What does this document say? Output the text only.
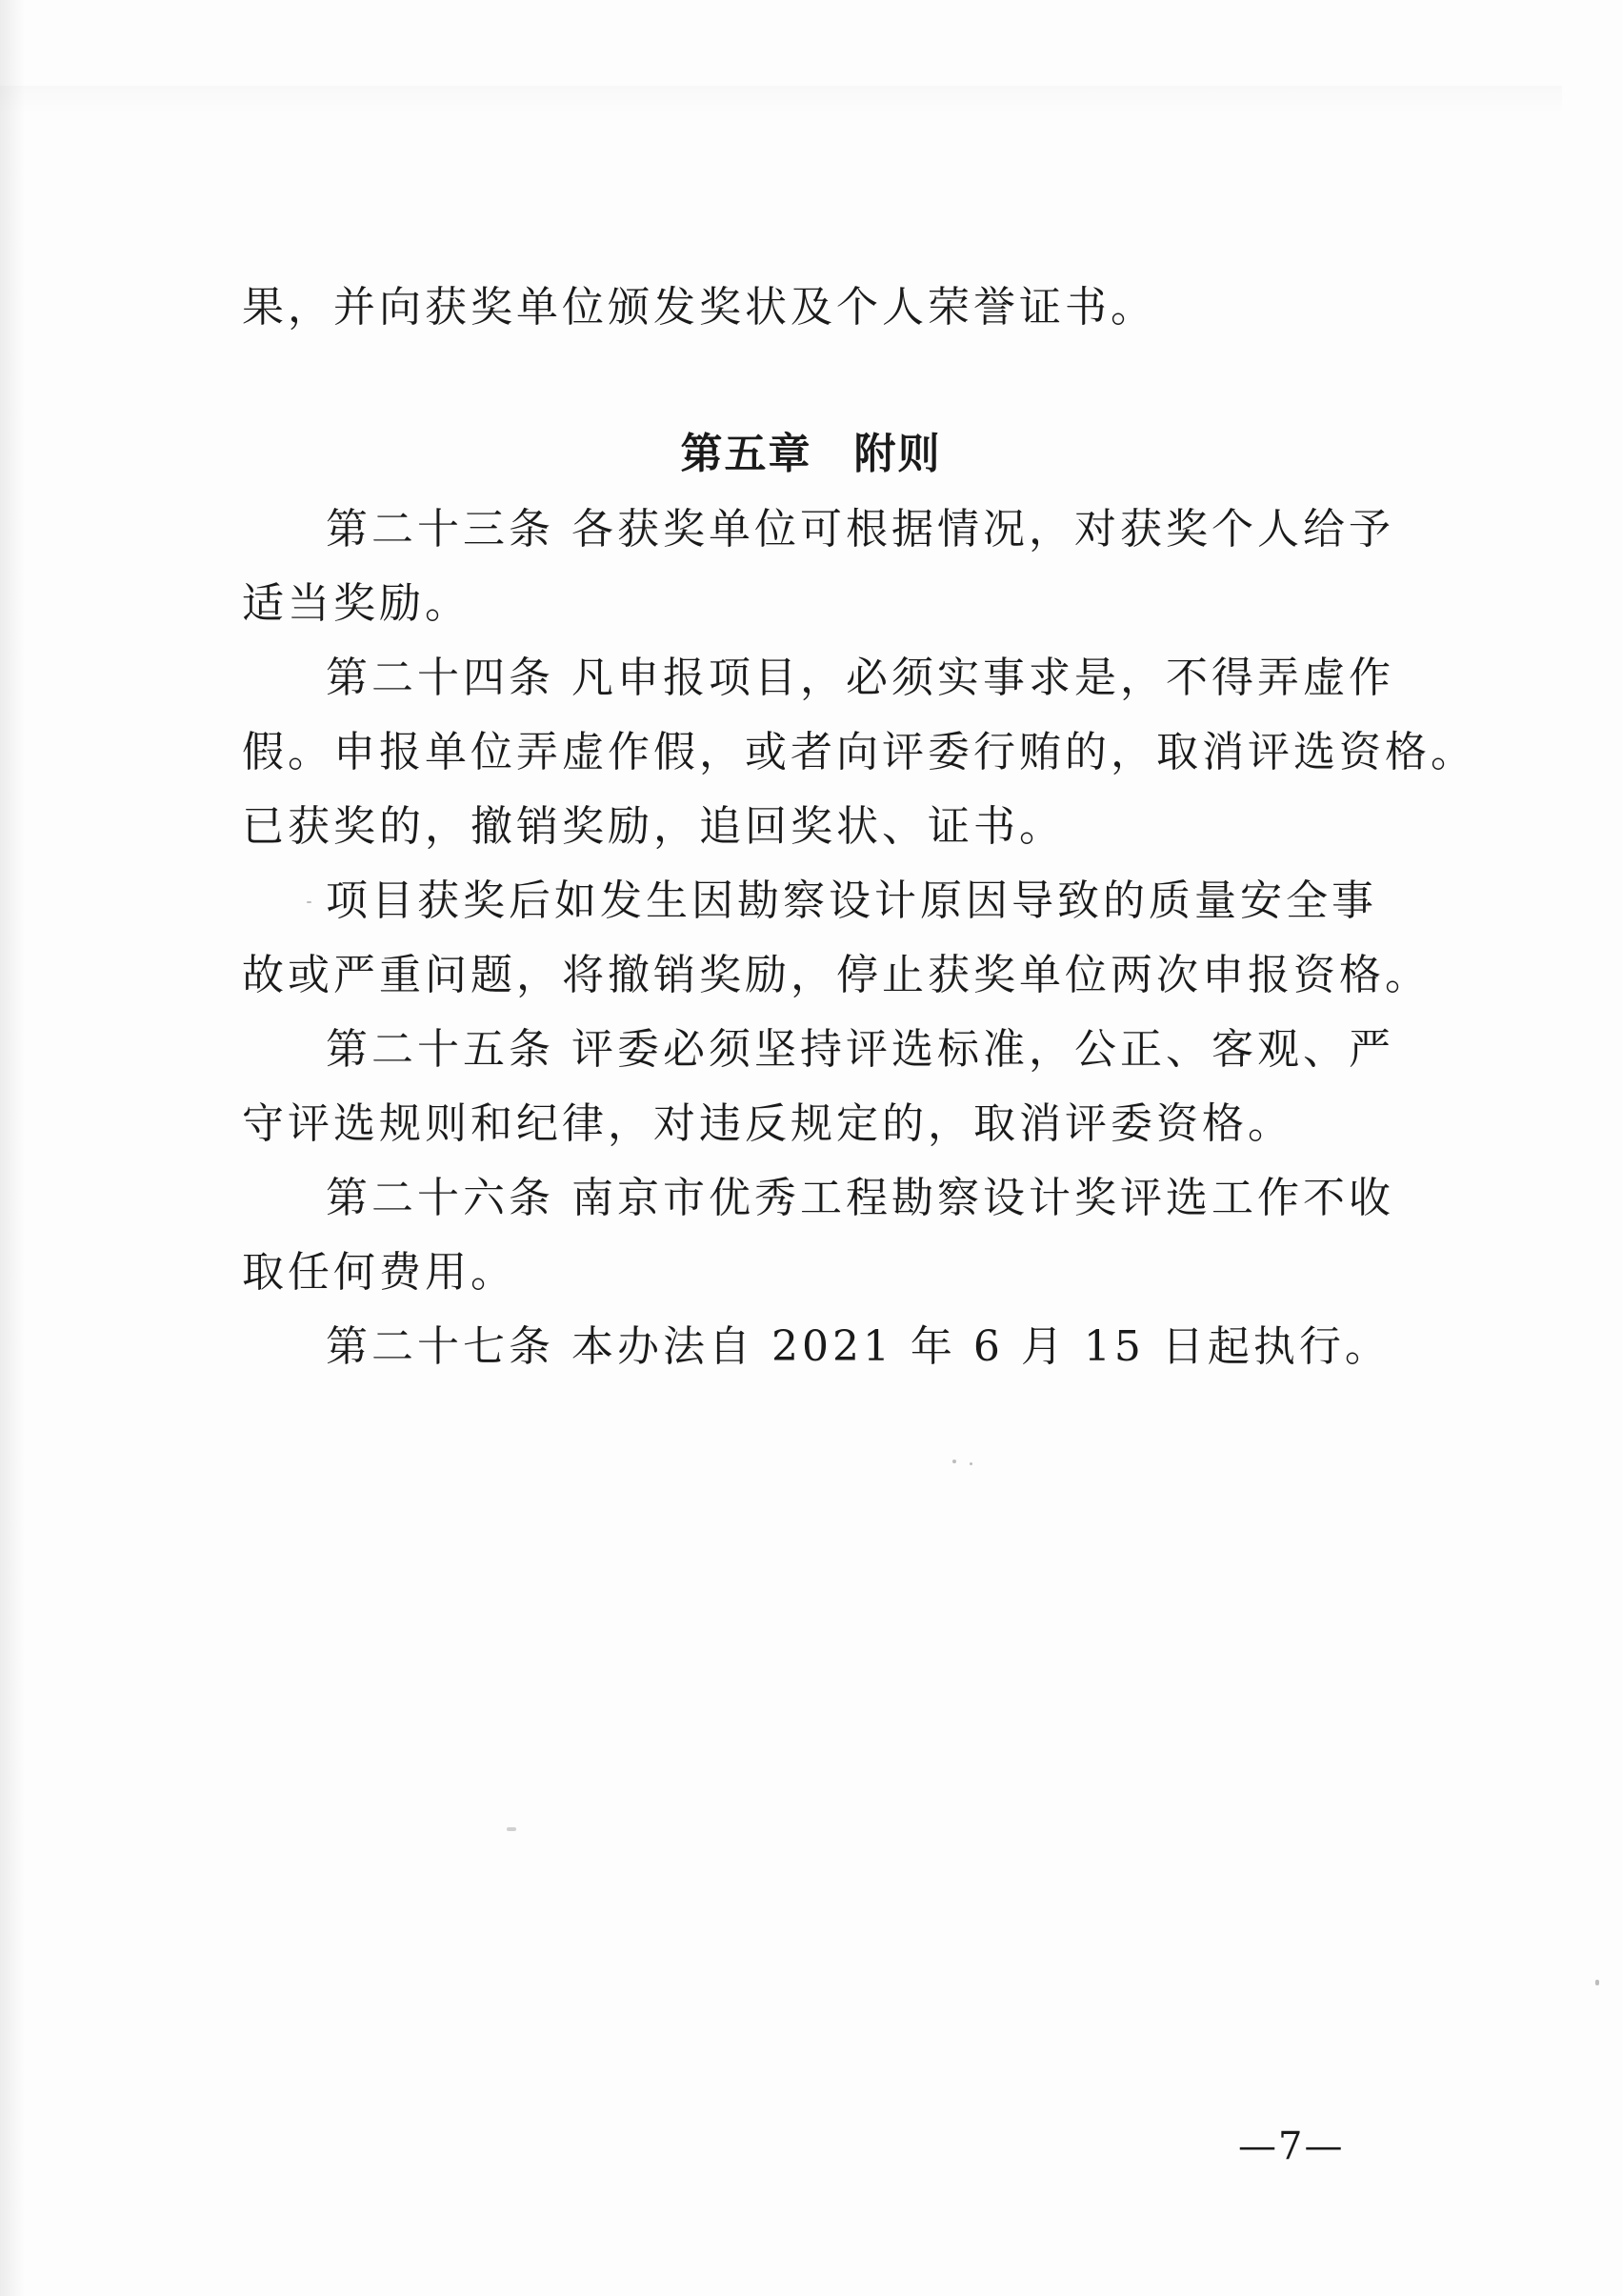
果，并向获奖单位颁发奖状及个人荣誉证书。
第五章 附则
第二十三条 各获奖单位可根据情况，对获奖个人给予
适当奖励。
第二十四条 凡申报项目，必须实事求是，不得弄虚作
假。申报单位弄虚作假，或者向评委行贿的，取消评选资格。
已获奖的，撤销奖励，追回奖状、证书。
项目获奖后如发生因勘察设计原因导致的质量安全事
故或严重问题，将撤销奖励，停止获奖单位两次申报资格。
第二十五条 评委必须坚持评选标准，公正、客观、严
守评选规则和纪律，对违反规定的，取消评委资格。
第二十六条 南京市优秀工程勘察设计奖评选工作不收
取任何费用。
第二十七条 本办法自 2021 年 6 月 15 日起执行。
—7—
